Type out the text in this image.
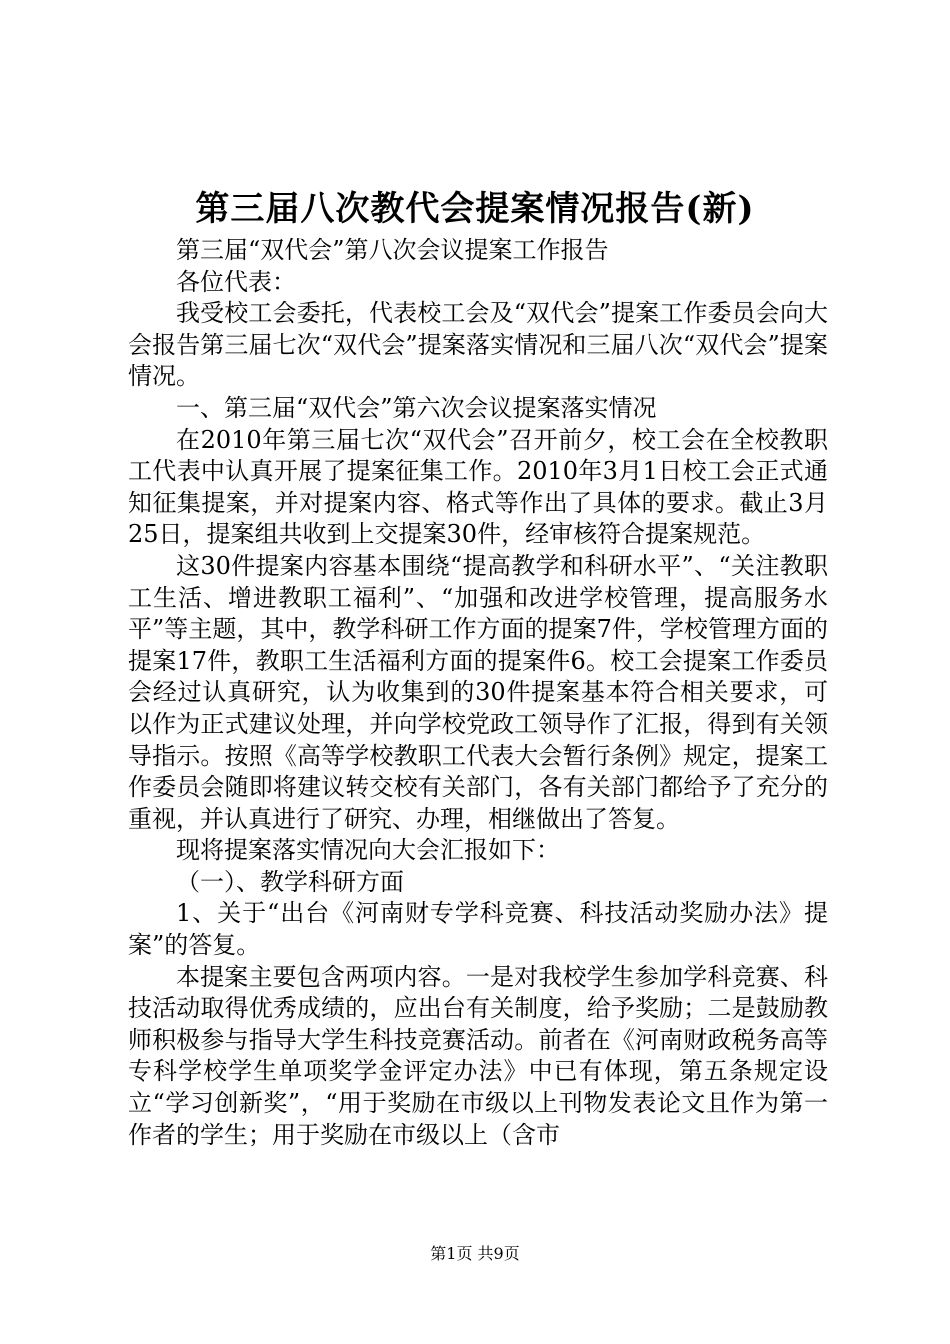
第三届八次教代会提案情况报告(新)

第三届“双代会”第八次会议提案工作报告

各位代表：

我受校工会委托，代表校工会及“双代会”提案工作委员会向大会报告第三届七次“双代会”提案落实情况和三届八次“双代会”提案情况。

一、第三届“双代会”第六次会议提案落实情况

在2010年第三届七次“双代会”召开前夕，校工会在全校教职工代表中认真开展了提案征集工作。2010年3月1日校工会正式通知征集提案，并对提案内容、格式等作出了具体的要求。截止3月25日，提案组共收到上交提案30件，经审核符合提案规范。

这30件提案内容基本围绕“提高教学和科研水平”、“关注教职工生活、增进教职工福利”、“加强和改进学校管理，提高服务水平”等主题，其中，教学科研工作方面的提案7件，学校管理方面的提案17件，教职工生活福利方面的提案件6。校工会提案工作委员会经过认真研究，认为收集到的30件提案基本符合相关要求，可以作为正式建议处理，并向学校党政工领导作了汇报，得到有关领导指示。按照《高等学校教职工代表大会暂行条例》规定，提案工作委员会随即将建议转交校有关部门，各有关部门都给予了充分的重视，并认真进行了研究、办理，相继做出了答复。

现将提案落实情况向大会汇报如下：

（一）、教学科研方面

1、关于“出台《河南财专学科竞赛、科技活动奖励办法》提案”的答复。

本提案主要包含两项内容。一是对我校学生参加学科竞赛、科技活动取得优秀成绩的，应出台有关制度，给予奖励；二是鼓励教师积极参与指导大学生科技竞赛活动。前者在《河南财政税务高等专科学校学生单项奖学金评定办法》中已有体现，第五条规定设立“学习创新奖”，“用于奖励在市级以上刊物发表论文且作为第一作者的学生；用于奖励在市级以上（含市

第1页 共9页
